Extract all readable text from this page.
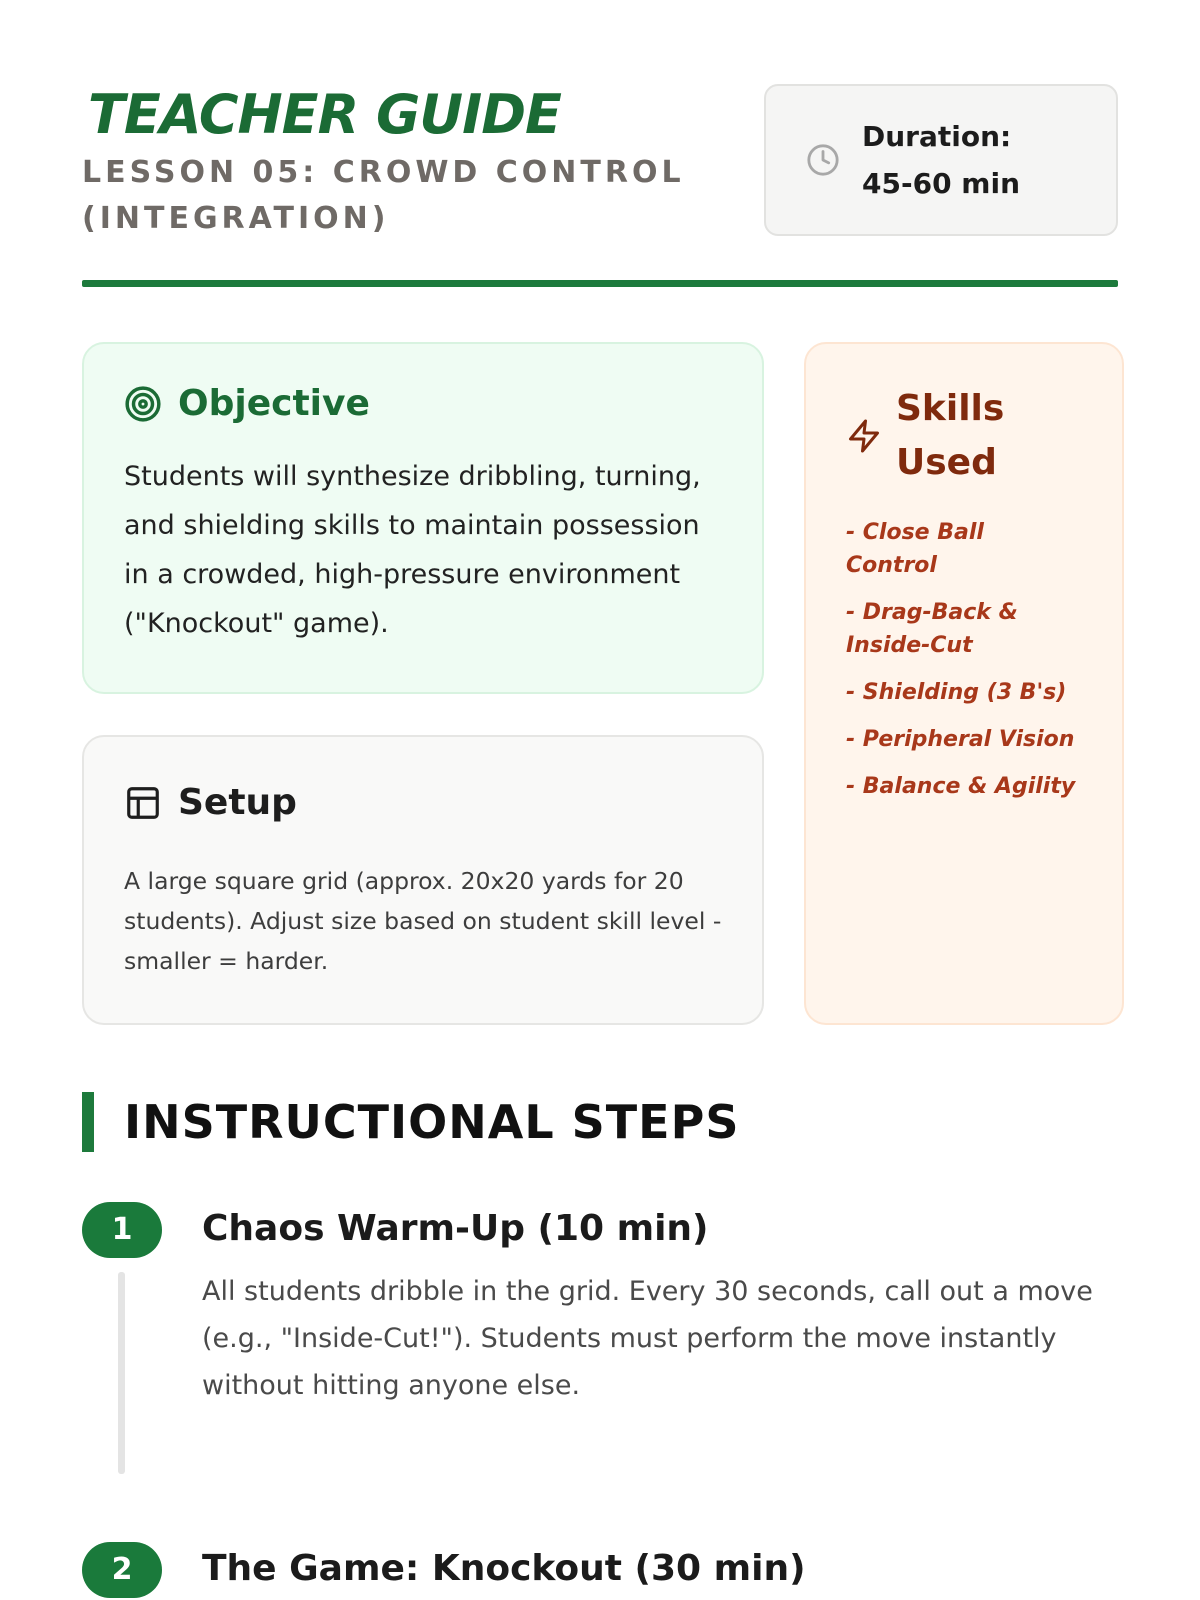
TEACHER GUIDE
LESSON 05: CROWD CONTROL (INTEGRATION)
Duration: 45-60 min
Objective

Students will synthesize dribbling, turning, and shielding skills to maintain possession in a crowded, high-pressure environment ("Knockout" game).

Setup

A large square grid (approx. 20x20 yards for 20 students). Adjust size based on student skill level - smaller = harder.

Skills Used
- Close Ball Control
- Drag-Back & Inside-Cut
- Shielding (3 B's)
- Peripheral Vision
- Balance & Agility
INSTRUCTIONAL STEPS
1	Chaos Warm-Up (10 min)

All students dribble in the grid. Every 30 seconds, call out a move (e.g., "Inside-Cut!"). Students must perform the move instantly without hitting anyone else.

2	The Game: Knockout (30 min)
